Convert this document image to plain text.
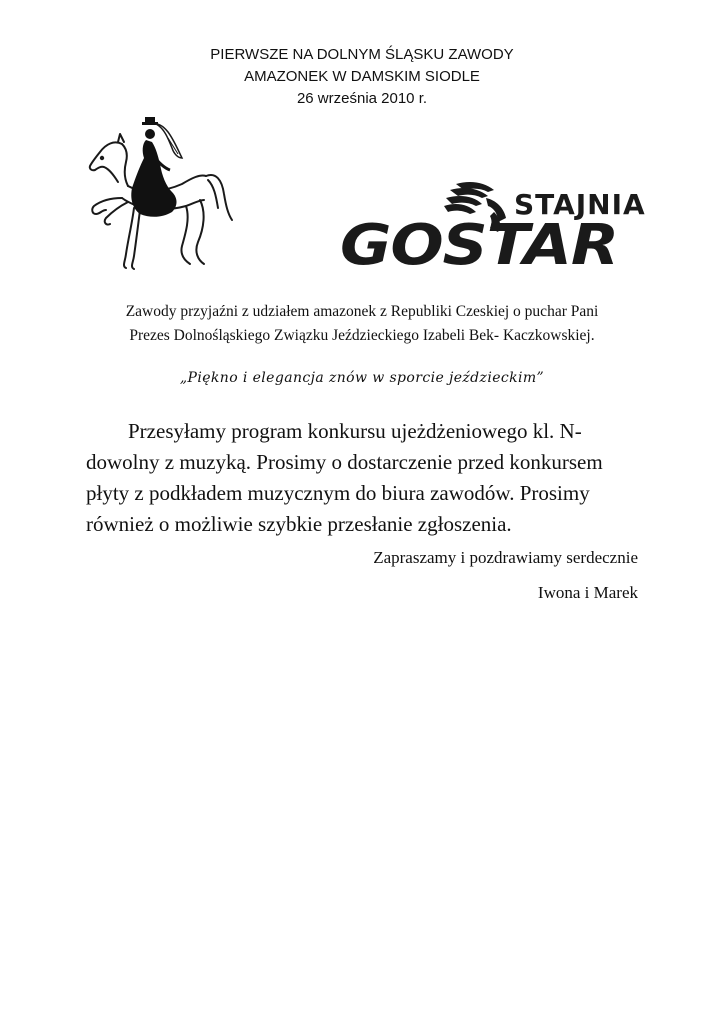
PIERWSZE NA DOLNYM ŚLĄSKU ZAWODY
AMAZONEK W DAMSKIM SIODLE
26 września 2010 r.
STAJNIA
GOSTAR
Zawody przyjaźni z udziałem amazonek z Republiki Czeskiej o puchar Pani
Prezes Dolnośląskiego Związku Jeździeckiego Izabeli Bek- Kaczkowskiej.
„Piękno i elegancja znów w sporcie jeździeckim”
Przesyłamy program konkursu ujeżdżeniowego kl. N-
dowolny z muzyką. Prosimy o dostarczenie przed konkursem
płyty z podkładem muzycznym do biura zawodów. Prosimy
również o możliwie szybkie przesłanie zgłoszenia.
Zapraszamy i pozdrawiamy serdecznie
Iwona i Marek
